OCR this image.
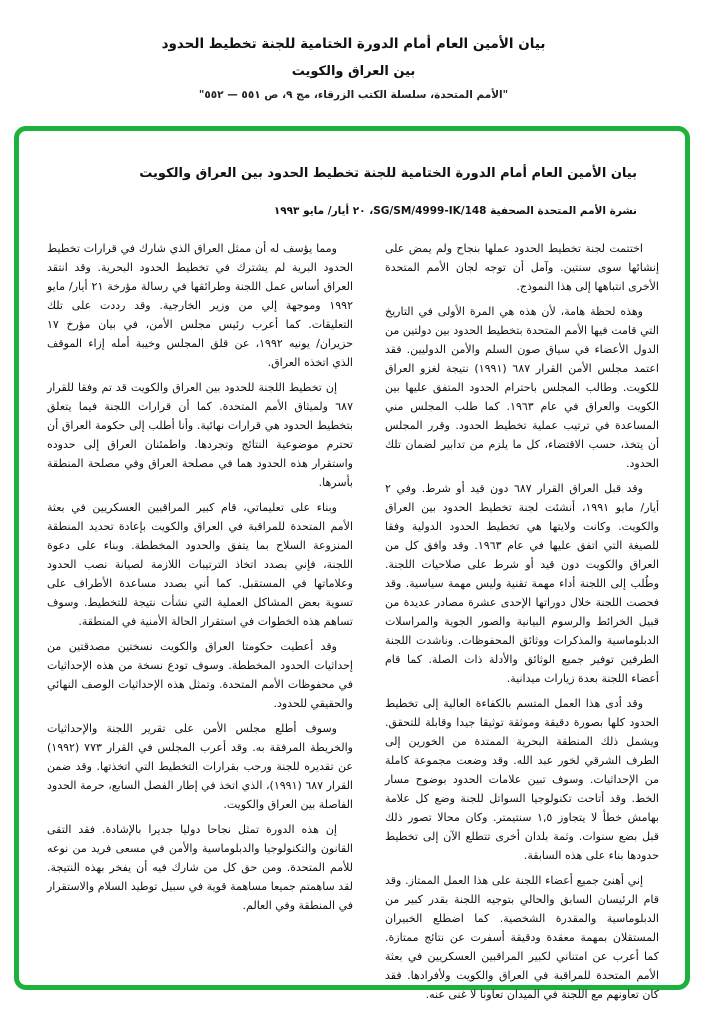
بيان الأمين العام أمام الدورة الختامية للجنة تخطيط الحدود
بين العراق والكويت
"الأمم المتحدة، سلسلة الكتب الزرقاء، مج ٩، ص ٥٥١ — ٥٥٢"
بيان الأمين العام أمام الدورة الختامية للجنة تخطيط الحدود بين العراق والكويت
نشرة الأمم المتحدة الصحفية SG/SM/4999-IK/148، ٢٠ أيار/ مايو ١٩٩٣

اختتمت لجنة تخطيط الحدود عملها بنجاح ولم يمض على إنشائها سوى سنتين. وآمل أن توجه لجان الأمم المتحدة الأخرى انتباهها إلى هذا النموذج.

وهذه لحظة هامة، لأن هذه هي المرة الأولى في التاريخ التي قامت فيها الأمم المتحدة بتخطيط الحدود بين دولتين من الدول الأعضاء في سياق صون السلم والأمن الدوليين. فقد اعتمد مجلس الأمن القرار ٦٨٧ (١٩٩١) نتيجة لغزو العراق للكويت. وطالب المجلس باحترام الحدود المتفق عليها بين الكويت والعراق في عام ١٩٦٣. كما طلب المجلس مني المساعدة في ترتيب عملية تخطيط الحدود. وقرر المجلس أن يتخذ، حسب الاقتضاء، كل ما يلزم من تدابير لضمان تلك الحدود.

وقد قبل العراق القرار ٦٨٧ دون قيد أو شرط. وفي ٢ أيار/ مايو ١٩٩١، أنشئت لجنة تخطيط الحدود بين العراق والكويت. وكانت ولايتها هي تخطيط الحدود الدولية وفقا للصيغة التي اتفق عليها في عام ١٩٦٣. وقد وافق كل من العراق والكويت دون قيد أو شرط على صلاحيات اللجنة. وطُلب إلى اللجنة أداء مهمة تقنية وليس مهمة سياسية. وقد فحصت اللجنة خلال دوراتها الإحدى عشرة مصادر عديدة من قبيل الخرائط والرسوم البيانية والصور الجوية والمراسلات الدبلوماسية والمذكرات ووثائق المحفوظات. وناشدت اللجنة الطرفين توفير جميع الوثائق والأدلة ذات الصلة. كما قام أعضاء اللجنة بعدة زيارات ميدانية.

وقد أدى هذا العمل المتسم بالكفاءة العالية إلى تخطيط الحدود كلها بصورة دقيقة وموثقة توثيقا جيدا وقابلة للتحقق. ويشمل ذلك المنطقة البحرية الممتدة من الخورين إلى الطرف الشرقي لخور عبد الله. وقد وضعت مجموعة كاملة من الإحداثيات. وسوف تبين علامات الحدود بوضوح مسار الخط. وقد أتاحت تكنولوجيا السواتل للجنة وضع كل علامة بهامش خطأ لا يتجاوز ١,٥ سنتيمتر. وكان محالا تصور ذلك قبل بضع سنوات. وثمة بلدان أخرى تتطلع الآن إلى تخطيط حدودها بناء على هذه السابقة.

إني أهنئ جميع أعضاء اللجنة على هذا العمل الممتاز. وقد قام الرئيسان السابق والحالي بتوجيه اللجنة بقدر كبير من الدبلوماسية والمقدرة الشخصية. كما اضطلع الخبيران المستقلان بمهمة معقدة ودقيقة أسفرت عن نتائج ممتازة. كما أعرب عن امتناني لكبير المراقبين العسكريين في بعثة الأمم المتحدة للمراقبة في العراق والكويت ولأفرادها. فقد كان تعاونهم مع اللجنة في الميدان تعاونا لا غنى عنه.

ومما يؤسف له أن ممثل العراق الذي شارك في قرارات تخطيط الحدود البرية لم يشترك في تخطيط الحدود البحرية. وقد انتقد العراق أساس عمل اللجنة وطرائقها في رسالة مؤرخة ٢١ أيار/ مايو ١٩٩٢ وموجهة إلي من وزير الخارجية. وقد رددت على تلك التعليقات. كما أعرب رئيس مجلس الأمن، في بيان مؤرخ ١٧ حزيران/ يونيه ١٩٩٢، عن قلق المجلس وخيبة أمله إزاء الموقف الذي اتخذه العراق.

إن تخطيط اللجنة للحدود بين العراق والكويت قد تم وفقا للقرار ٦٨٧ ولميثاق الأمم المتحدة. كما أن قرارات اللجنة فيما يتعلق بتخطيط الحدود هي قرارات نهائية. وأنا أطلب إلى حكومة العراق أن تحترم موضوعية النتائج وتجردها. واطمئنان العراق إلى حدوده واستقرار هذه الحدود هما في مصلحة العراق وفي مصلحة المنطقة بأسرها.

وبناء على تعليماتي، قام كبير المراقبين العسكريين في بعثة الأمم المتحدة للمراقبة في العراق والكويت بإعادة تحديد المنطقة المنزوعة السلاح بما يتفق والحدود المخططة. وبناء على دعوة اللجنة، فإني بصدد اتخاذ الترتيبات اللازمة لصيانة نصب الحدود وعلاماتها في المستقبل. كما أني بصدد مساعدة الأطراف على تسوية بعض المشاكل العملية التي نشأت نتيجة للتخطيط. وسوف تساهم هذه الخطوات في استقرار الحالة الأمنية في المنطقة.

وقد أعطيت حكومتا العراق والكويت نسختين مصدقتين من إحداثيات الحدود المخططة. وسوف تودع نسخة من هذه الإحداثيات في محفوظات الأمم المتحدة. وتمثل هذه الإحداثيات الوصف النهائي والحقيقي للحدود.

وسوف أطلع مجلس الأمن على تقرير اللجنة والإحداثيات والخريطة المرفقة به. وقد أعرب المجلس في القرار ٧٧٣ (١٩٩٢) عن تقديره للجنة ورحب بقرارات التخطيط التي اتخذتها. وقد ضمن القرار ٦٨٧ (١٩٩١)، الذي اتخذ في إطار الفصل السابع، حرمة الحدود الفاصلة بين العراق والكويت.

إن هذه الدورة تمثل نجاحا دوليا جديرا بالإشادة. فقد التقى القانون والتكنولوجيا والدبلوماسية والأمن في مسعى فريد من نوعه للأمم المتحدة. ومن حق كل من شارك فيه أن يفخر بهذه النتيجة. لقد ساهمتم جميعا مساهمة قوية في سبيل توطيد السلام والاستقرار في المنطقة وفي العالم.
